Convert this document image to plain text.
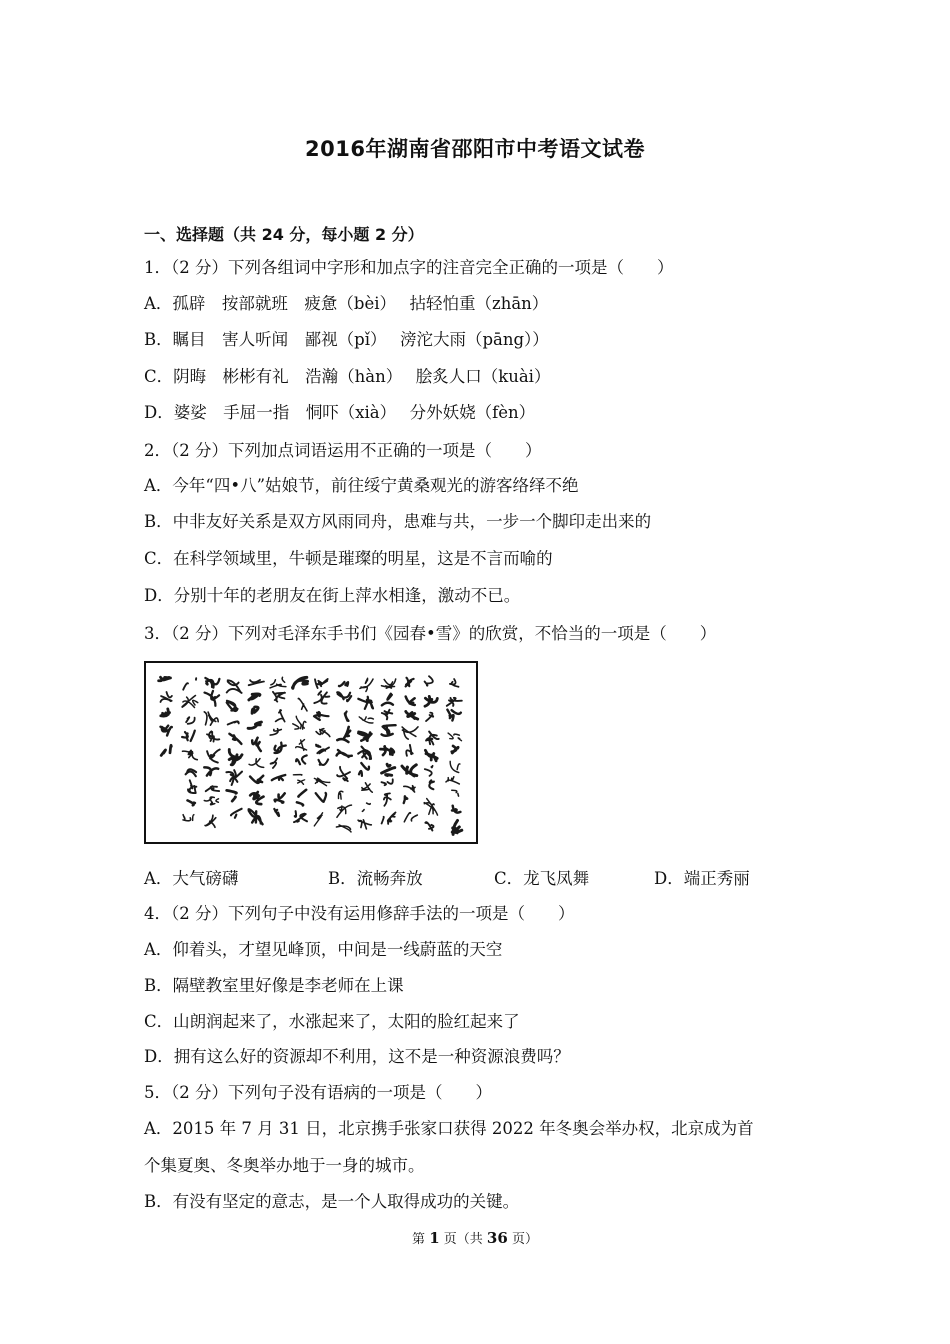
2016年湖南省邵阳市中考语文试卷
一、选择题（共 24 分，每小题 2 分）
1．（2 分）下列各组词中字形和加点字的注音完全正确的一项是（　　）
A．孤辟　按部就班　疲惫（bèi）　 拈轻怕重（zhān）
B．瞩目　害人听闻　鄙视（pǐ）　 滂沱大雨（pāng））
C．阴晦　彬彬有礼　浩瀚（hàn）　 脍炙人口（kuài）
D．婆娑　手屈一指　恫吓（xià）　 分外妖娆（fèn）
2．（2 分）下列加点词语运用不正确的一项是（　　）
A．今年“四•八”姑娘节，前往绥宁黄桑观光的游客络绎不绝
B．中非友好关系是双方风雨同舟，患难与共，一步一个脚印走出来的
C．在科学领域里，牛顿是璀璨的明星，这是不言而喻的
D．分别十年的老朋友在街上萍水相逢，激动不已。
3．（2 分）下列对毛泽东手书们《园春•雪》的欣赏，不恰当的一项是（　　）
A．大气磅礴	B．流畅奔放	C．龙飞凤舞	D．端正秀丽
4．（2 分）下列句子中没有运用修辞手法的一项是（　　）
A．仰着头，才望见峰顶，中间是一线蔚蓝的天空
B．隔壁教室里好像是李老师在上课
C．山朗润起来了，水涨起来了，太阳的脸红起来了
D．拥有这么好的资源却不利用，这不是一种资源浪费吗？
5．（2 分）下列句子没有语病的一项是（　　）
A．2015 年 7 月 31 日，北京携手张家口获得 2022 年冬奥会举办权，北京成为首
个集夏奥、冬奥举办地于一身的城市。
B．有没有坚定的意志，是一个人取得成功的关键。
第 1 页（共 36 页）
